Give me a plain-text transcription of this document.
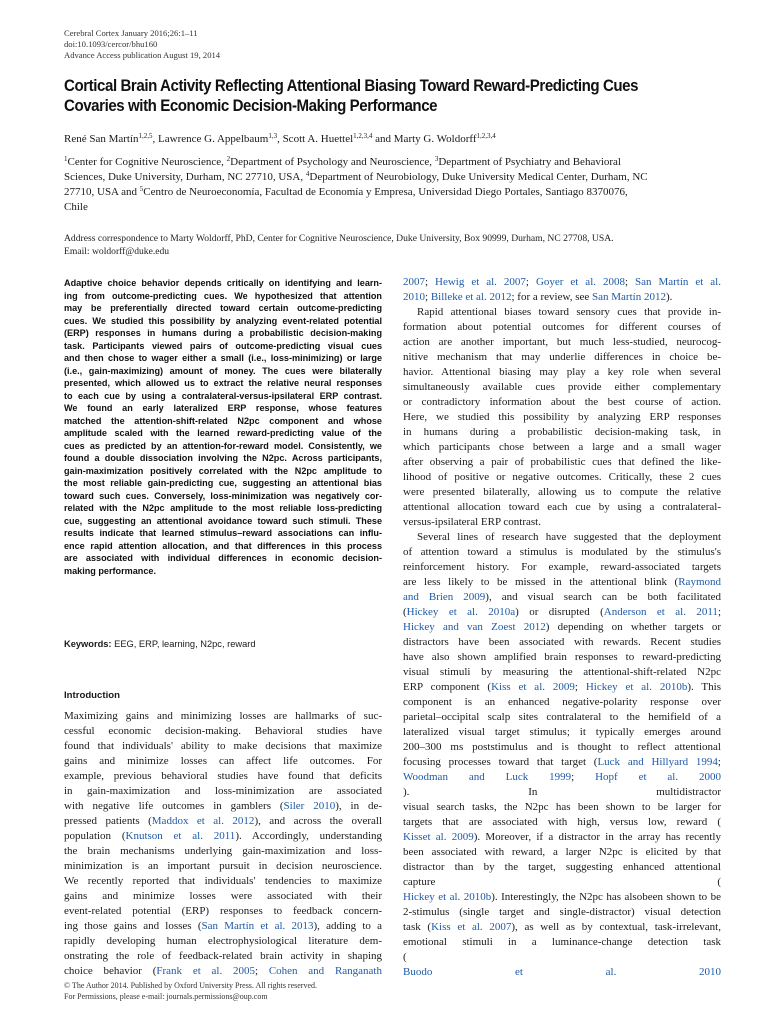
Cerebral Cortex January 2016;26:1–11
doi:10.1093/cercor/bhu160
Advance Access publication August 19, 2014
Cortical Brain Activity Reflecting Attentional Biasing Toward Reward-Predicting Cues
Covaries with Economic Decision-Making Performance
René San Martín$^{1,2,5}$, Lawrence G. Appelbaum$^{1,3}$, Scott A. Huettel$^{1,2,3,4}$ and Marty G. Woldorff$^{1,2,3,4}$
$^1$Center for Cognitive Neuroscience, $^2$Department of Psychology and Neuroscience, $^3$Department of Psychiatry and Behavioral
Sciences, Duke University, Durham, NC 27710, USA, $^4$Department of Neurobiology, Duke University Medical Center, Durham, NC
27710, USA and $^5$Centro de Neuroeconomía, Facultad de Economía y Empresa, Universidad Diego Portales, Santiago 8370076,
Chile
Address correspondence to Marty Woldorff, PhD, Center for Cognitive Neuroscience, Duke University, Box 90999, Durham, NC 27708, USA.
Email: woldorff@duke.edu
Adaptive choice behavior depends critically on identifying and learn-
ing from outcome-predicting cues. We hypothesized that attention
may be preferentially directed toward certain outcome-predicting
cues. We studied this possibility by analyzing event-related potential
(ERP) responses in humans during a probabilistic decision-making
task. Participants viewed pairs of outcome-predicting visual cues
and then chose to wager either a small (i.e., loss-minimizing) or large
(i.e., gain-maximizing) amount of money. The cues were bilaterally
presented, which allowed us to extract the relative neural responses
to each cue by using a contralateral-versus-ipsilateral ERP contrast.
We found an early lateralized ERP response, whose features
matched the attention-shift-related N2pc component and whose
amplitude scaled with the learned reward-predicting value of the
cues as predicted by an attention-for-reward model. Consistently, we
found a double dissociation involving the N2pc. Across participants,
gain-maximization positively correlated with the N2pc amplitude to
the most reliable gain-predicting cue, suggesting an attentional bias
toward such cues. Conversely, loss-minimization was negatively cor-
related with the N2pc amplitude to the most reliable loss-predicting
cue, suggesting an attentional avoidance toward such stimuli. These
results indicate that learned stimulus–reward associations can influ-
ence rapid attention allocation, and that differences in this process
are associated with individual differences in economic decision-
making performance.
Keywords: EEG, ERP, learning, N2pc, reward
Introduction
Maximizing gains and minimizing losses are hallmarks of suc-
cessful economic decision-making. Behavioral studies have
found that individuals' ability to make decisions that maximize
gains and minimize losses can affect life outcomes. For
example, previous behavioral studies have found that deficits
in gain-maximization and loss-minimization are associated
with negative life outcomes in gamblers (Siler 2010), in de-
pressed patients (Maddox et al. 2012), and across the overall
population (Knutson et al. 2011). Accordingly, understanding
the brain mechanisms underlying gain-maximization and loss-
minimization is an important pursuit in decision neuroscience.
We recently reported that individuals' tendencies to maximize
gains and minimize losses were associated with their
event-related potential (ERP) responses to feedback concern-
ing those gains and losses (San Martín et al. 2013), adding to a
rapidly developing human electrophysiological literature dem-
onstrating the role of feedback-related brain activity in shaping
choice behavior (Frank et al. 2005; Cohen and Ranganath
2007; Hewig et al. 2007; Goyer et al. 2008; San Martín et al.
2010; Billeke et al. 2012; for a review, see San Martín 2012).
Rapid attentional biases toward sensory cues that provide in-
formation about potential outcomes for different courses of
action are another important, but much less-studied, neurocog-
nitive mechanism that may underlie differences in choice be-
havior. Attentional biasing may play a key role when several
simultaneously available cues provide either complementary
or contradictory information about the best course of action.
Here, we studied this possibility by analyzing ERP responses
in humans during a probabilistic decision-making task, in
which participants chose between a large and a small wager
after observing a pair of probabilistic cues that defined the like-
lihood of positive or negative outcomes. Critically, these 2 cues
were presented bilaterally, allowing us to compute the relative
attentional allocation toward each cue by using a contralateral-
versus-ipsilateral ERP contrast.
Several lines of research have suggested that the deployment
of attention toward a stimulus is modulated by the stimulus's
reinforcement history. For example, reward-associated targets
are less likely to be missed in the attentional blink (Raymond
and Brien 2009), and visual search can be both facilitated
(Hickey et al. 2010a) or disrupted (Anderson et al. 2011;
Hickey and van Zoest 2012) depending on whether targets or
distractors have been associated with rewards. Recent studies
have also shown amplified brain responses to reward-predicting
visual stimuli by measuring the attentional-shift-related N2pc
ERP component (Kiss et al. 2009; Hickey et al. 2010b). This
component is an enhanced negative-polarity response over
parietal–occipital scalp sites contralateral to the hemifield of a
lateralized visual target stimulus; it typically emerges around
200–300 ms poststimulus and is thought to reflect attentional
focusing processes toward that target (Luck and Hillyard 1994;
Woodman and Luck 1999; Hopf et al. 2000
). In multidistractor
visual search tasks, the N2pc has been shown to be larger for
targets that are associated with high, versus low, reward (
Kisset al. 2009). Moreover, if a distractor in the array has recently
been associated with reward, a larger N2pc is elicited by that
distractor than by the target, suggesting enhanced attentional
capture (
Hickey et al. 2010b). Interestingly, the N2pc has alsobeen shown to be
2-stimulus (single target and single-distractor) visual detection
task (Kiss et al. 2007), as well as by contextual, task-irrelevant,
emotional stimuli in a luminance-change detection task
(
Buodo et al. 2010
© The Author 2014. Published by Oxford University Press. All rights reserved.
For Permissions, please e-mail: journals.permissions@oup.com
